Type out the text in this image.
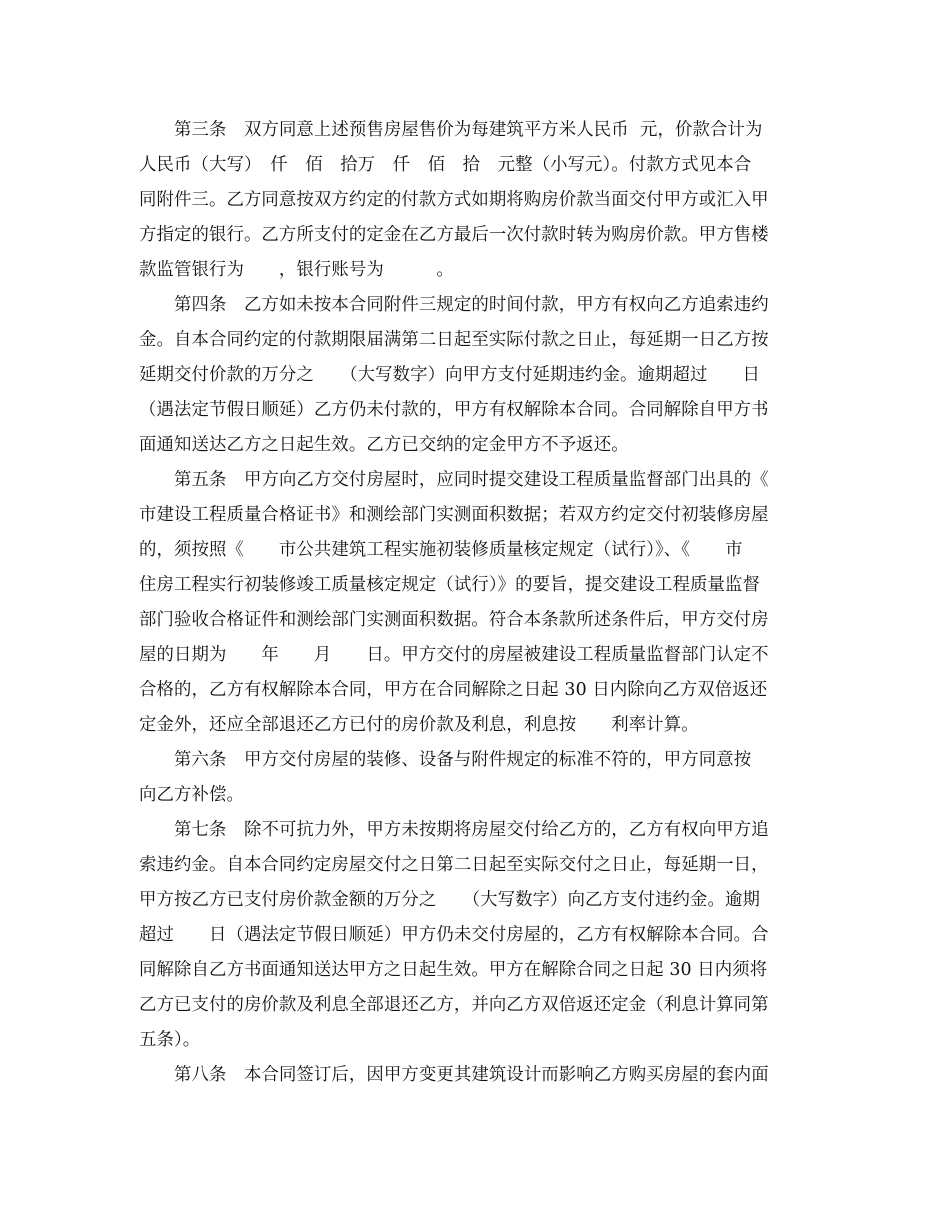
第三条　双方同意上述预售房屋售价为每建筑平方米人民币  元，价款合计为
人民币（大写）　仟　佰　拾万　仟　佰　拾　元整（小写元）。付款方式见本合
同附件三。乙方同意按双方约定的付款方式如期将购房价款当面交付甲方或汇入甲
方指定的银行。乙方所支付的定金在乙方最后一次付款时转为购房价款。甲方售楼
款监管银行为　　，银行账号为　　　。
第四条　乙方如未按本合同附件三规定的时间付款，甲方有权向乙方追索违约
金。自本合同约定的付款期限届满第二日起至实际付款之日止，每延期一日乙方按
延期交付价款的万分之　　（大写数字）向甲方支付延期违约金。逾期超过　　日
（遇法定节假日顺延）乙方仍未付款的，甲方有权解除本合同。合同解除自甲方书
面通知送达乙方之日起生效。乙方已交纳的定金甲方不予返还。
第五条　甲方向乙方交付房屋时，应同时提交建设工程质量监督部门出具的《
市建设工程质量合格证书》和测绘部门实测面积数据；若双方约定交付初装修房屋
的，须按照《　　市公共建筑工程实施初装修质量核定规定（试行）》、《　　市
住房工程实行初装修竣工质量核定规定（试行）》的要旨，提交建设工程质量监督
部门验收合格证件和测绘部门实测面积数据。符合本条款所述条件后，甲方交付房
屋的日期为　　年　　月　　日。甲方交付的房屋被建设工程质量监督部门认定不
合格的，乙方有权解除本合同，甲方在合同解除之日起 30 日内除向乙方双倍返还
定金外，还应全部退还乙方已付的房价款及利息，利息按　　利率计算。
第六条　甲方交付房屋的装修、设备与附件规定的标准不符的，甲方同意按
向乙方补偿。
第七条　除不可抗力外，甲方未按期将房屋交付给乙方的，乙方有权向甲方追
索违约金。自本合同约定房屋交付之日第二日起至实际交付之日止，每延期一日，
甲方按乙方已支付房价款金额的万分之　　（大写数字）向乙方支付违约金。逾期
超过　　日（遇法定节假日顺延）甲方仍未交付房屋的，乙方有权解除本合同。合
同解除自乙方书面通知送达甲方之日起生效。甲方在解除合同之日起 30 日内须将
乙方已支付的房价款及利息全部退还乙方，并向乙方双倍返还定金（利息计算同第
五条）。
第八条　本合同签订后，因甲方变更其建筑设计而影响乙方购买房屋的套内面
